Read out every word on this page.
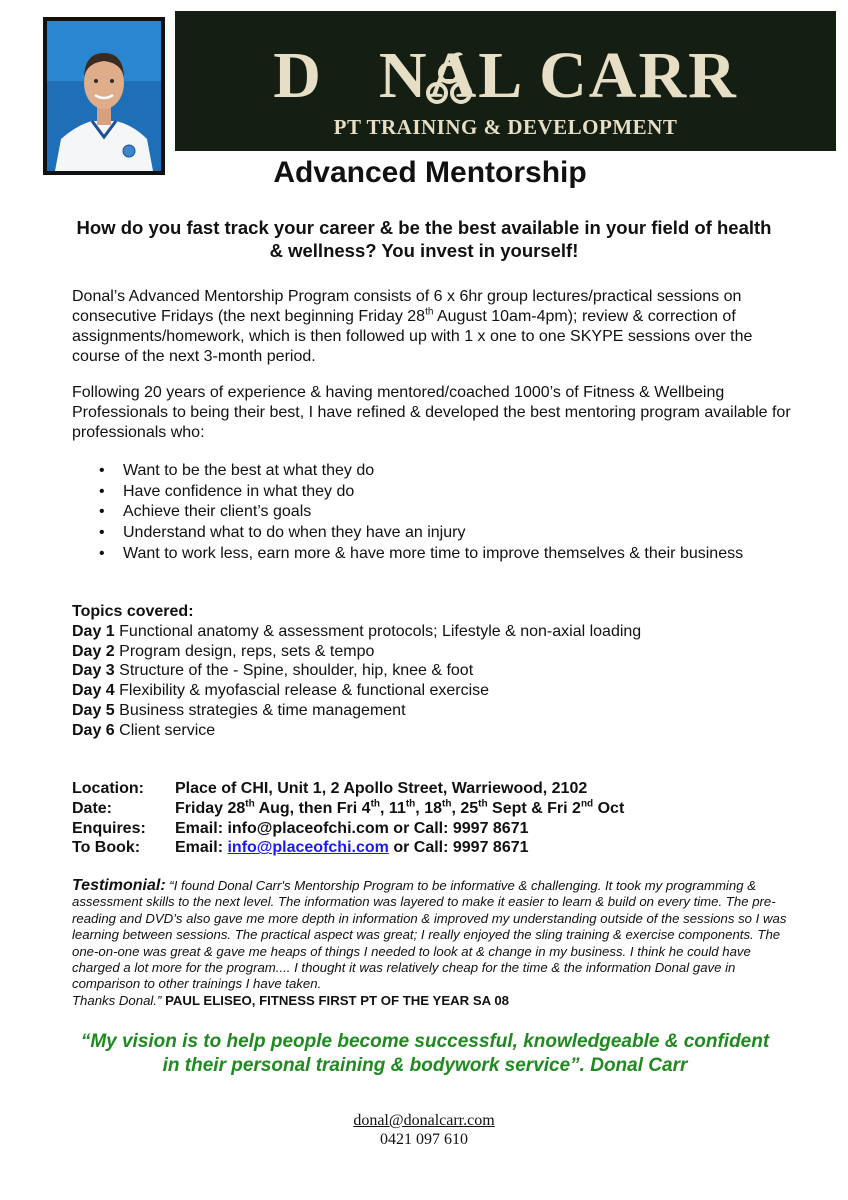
D NAL CARR
PT TRAINING & DEVELOPMENT
Advanced Mentorship
How do you fast track your career & be the best available in your field of health & wellness? You invest in yourself!
Donal’s Advanced Mentorship Program consists of 6 x 6hr group lectures/practical sessions on consecutive Fridays (the next beginning Friday 28th August 10am-4pm); review & correction of assignments/homework, which is then followed up with 1 x one to one SKYPE sessions over the course of the next 3-month period.
Following 20 years of experience & having mentored/coached 1000’s of Fitness & Wellbeing Professionals to being their best, I have refined & developed the best mentoring program available for professionals who:
• Want to be the best at what they do
• Have confidence in what they do
• Achieve their client’s goals
• Understand what to do when they have an injury
• Want to work less, earn more & have more time to improve themselves & their business
Topics covered:
Day 1 Functional anatomy & assessment protocols; Lifestyle & non-axial loading
Day 2 Program design, reps, sets & tempo
Day 3 Structure of the - Spine, shoulder, hip, knee & foot
Day 4 Flexibility & myofascial release & functional exercise
Day 5 Business strategies & time management
Day 6 Client service
Location: Place of CHI, Unit 1, 2 Apollo Street, Warriewood, 2102
Date:	Friday 28th Aug, then Fri 4th, 11th, 18th, 25th Sept & Fri 2nd Oct
Enquires: Email: info@placeofchi.com or Call: 9997 8671
To Book: Email: info@placeofchi.com or Call: 9997 8671
Testimonial: “I found Donal Carr's Mentorship Program to be informative & challenging. It took my programming & assessment skills to the next level. The information was layered to make it easier to learn & build on every time. The pre-reading and DVD’s also gave me more depth in information & improved my understanding outside of the sessions so I was learning between sessions. The practical aspect was great; I really enjoyed the sling training & exercise components. The one-on-one was great & gave me heaps of things I needed to look at & change in my business. I think he could have charged a lot more for the program.... I thought it was relatively cheap for the time & the information Donal gave in comparison to other trainings I have taken.
Thanks Donal.” PAUL ELISEO, FITNESS FIRST PT OF THE YEAR SA 08
“My vision is to help people become successful, knowledgeable & confident in their personal training & bodywork service”. Donal Carr
donal@donalcarr.com
0421 097 610
